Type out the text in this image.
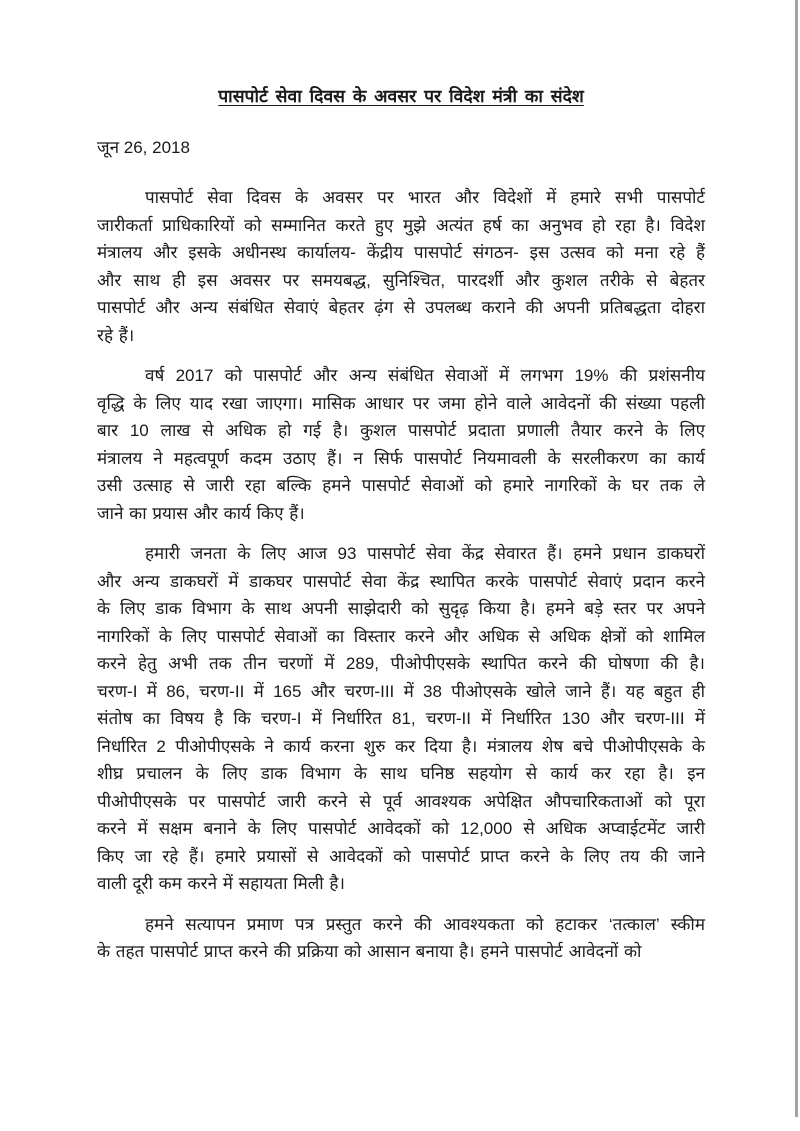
पासपोर्ट सेवा दिवस के अवसर पर विदेश मंत्री का संदेश
जून 26, 2018
पासपोर्ट सेवा दिवस के अवसर पर भारत और विदेशों में हमारे सभी पासपोर्ट
जारीकर्ता प्राधिकारियों को सम्मानित करते हुए मुझे अत्यंत हर्ष का अनुभव हो रहा है। विदेश
मंत्रालय और इसके अधीनस्थ कार्यालय- केंद्रीय पासपोर्ट संगठन- इस उत्सव को मना रहे हैं
और साथ ही इस अवसर पर समयबद्ध, सुनिश्चित, पारदर्शी और कुशल तरीके से बेहतर
पासपोर्ट और अन्य संबंधित सेवाएं बेहतर ढ़ंग से उपलब्ध कराने की अपनी प्रतिबद्धता दोहरा
रहे हैं।
वर्ष 2017 को पासपोर्ट और अन्य संबंधित सेवाओं में लगभग 19% की प्रशंसनीय
वृद्धि के लिए याद रखा जाएगा। मासिक आधार पर जमा होने वाले आवेदनों की संख्या पहली
बार 10 लाख से अधिक हो गई है। कुशल पासपोर्ट प्रदाता प्रणाली तैयार करने के लिए
मंत्रालय ने महत्वपूर्ण कदम उठाए हैं। न सिर्फ पासपोर्ट नियमावली के सरलीकरण का कार्य
उसी उत्साह से जारी रहा बल्कि हमने पासपोर्ट सेवाओं को हमारे नागरिकों के घर तक ले
जाने का प्रयास और कार्य किए हैं।
हमारी जनता के लिए आज 93 पासपोर्ट सेवा केंद्र सेवारत हैं। हमने प्रधान डाकघरों
और अन्य डाकघरों में डाकघर पासपोर्ट सेवा केंद्र स्थापित करके पासपोर्ट सेवाएं प्रदान करने
के लिए डाक विभाग के साथ अपनी साझेदारी को सुदृढ़ किया है। हमने बड़े स्तर पर अपने
नागरिकों के लिए पासपोर्ट सेवाओं का विस्तार करने और अधिक से अधिक क्षेत्रों को शामिल
करने हेतु अभी तक तीन चरणों में 289, पीओपीएसके स्थापित करने की घोषणा की है।
चरण-I में 86, चरण-II में 165 और चरण-III में 38 पीओएसके खोले जाने हैं। यह बहुत ही
संतोष का विषय है कि चरण-I में निर्धारित 81, चरण-II में निर्धारित 130 और चरण-III में
निर्धारित 2 पीओपीएसके ने कार्य करना शुरु कर दिया है। मंत्रालय शेष बचे पीओपीएसके के
शीघ्र प्रचालन के लिए डाक विभाग के साथ घनिष्ठ सहयोग से कार्य कर रहा है। इन
पीओपीएसके पर पासपोर्ट जारी करने से पूर्व आवश्यक अपेक्षित औपचारिकताओं को पूरा
करने में सक्षम बनाने के लिए पासपोर्ट आवेदकों को 12,000 से अधिक अप्वाईटमेंट जारी
किए जा रहे हैं। हमारे प्रयासों से आवेदकों को पासपोर्ट प्राप्त करने के लिए तय की जाने
वाली दूरी कम करने में सहायता मिली है।
हमने सत्यापन प्रमाण पत्र प्रस्तुत करने की आवश्यकता को हटाकर ‘तत्काल’ स्कीम
के तहत पासपोर्ट प्राप्त करने की प्रक्रिया को आसान बनाया है। हमने पासपोर्ट आवेदनों को
